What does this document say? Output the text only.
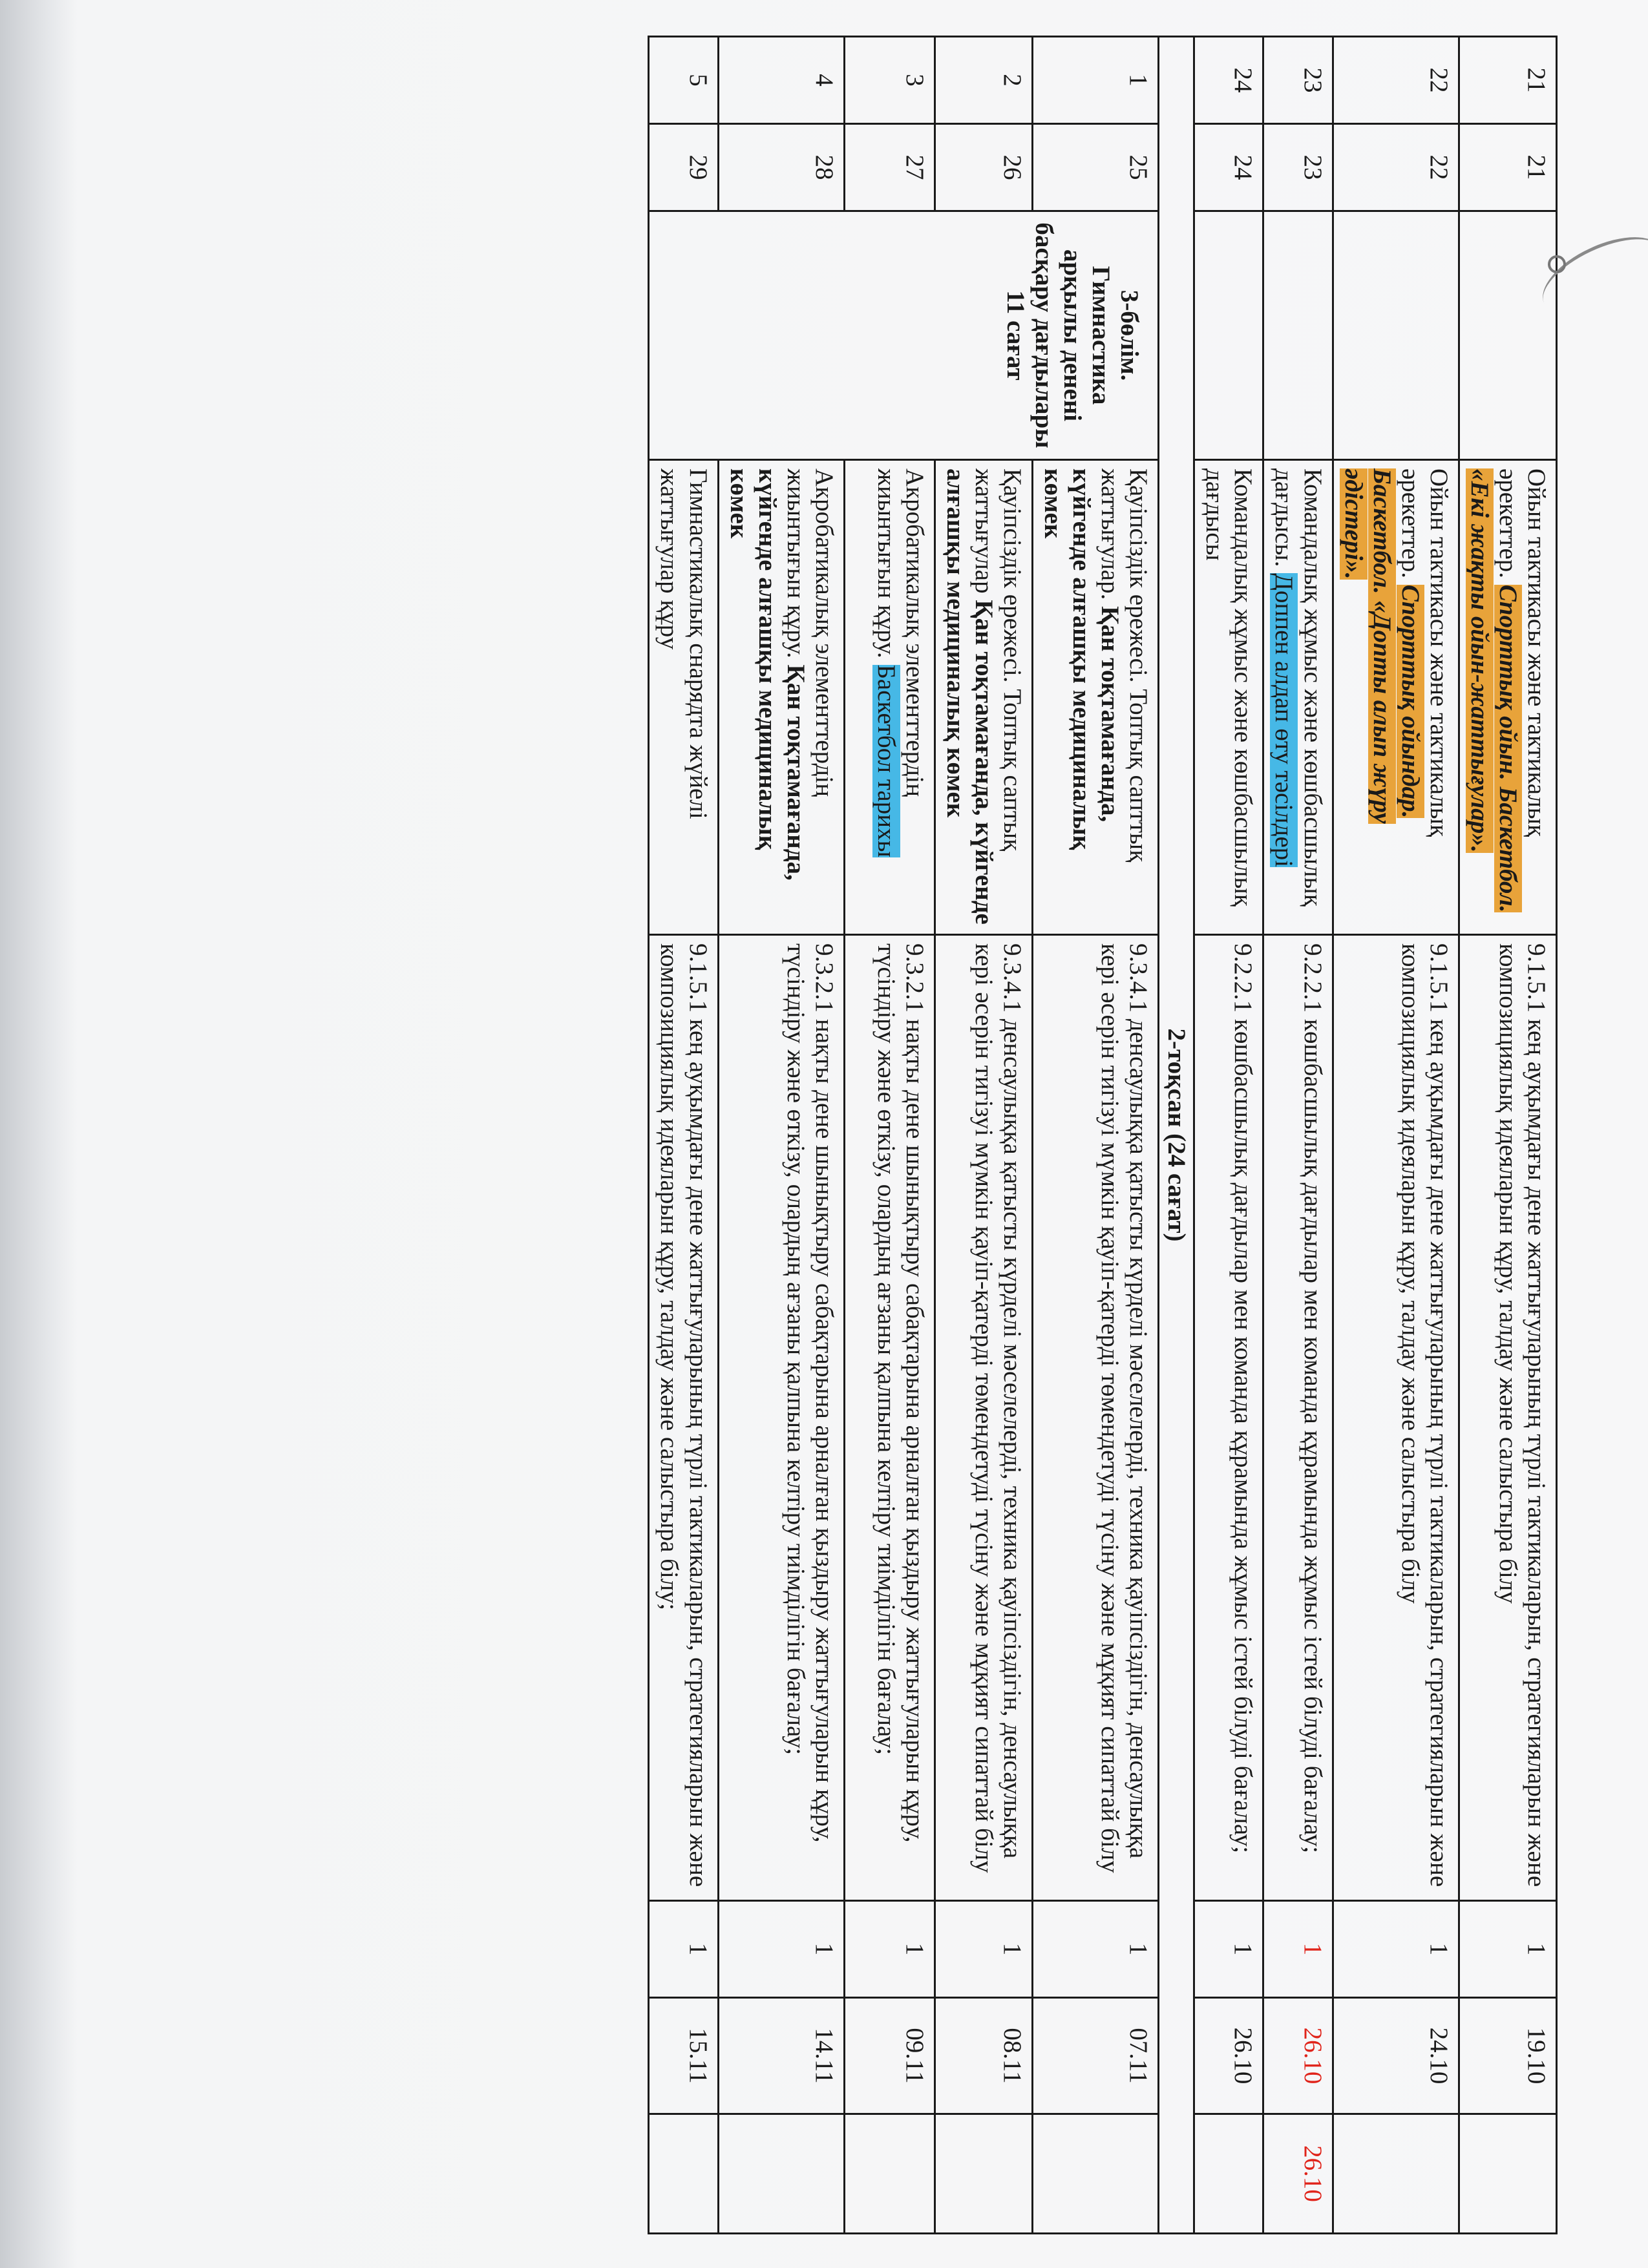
21	21		Ойын тактикасы және тактикалық әрекеттер. Спорттық ойын. Баскетбол. «Екі жақты ойын-жаттығулар».	9.1.5.1 кең ауқымдағы дене жаттығуларының түрлі тактикаларын, стратегияларын және композициялық идеяларын құру, талдау және салыстыра білу	1	19.10	
22	22		Ойын тактикасы және тактикалық әрекеттер. Спорттық ойындар. Баскетбол. «Допты алып жүру әдістері».	9.1.5.1 кең ауқымдағы дене жаттығуларының түрлі тактикаларын, стратегияларын және композициялық идеяларын құру, талдау және салыстыра білу	1	24.10	
23	23		Командалық жұмыс және көшбасшылық дағдысы. Доппен алдап өту тәсілдері	9.2.2.1 көшбасшылық дағдылар мен команда құрамында жұмыс істей білуді бағалау;	1	26.10	26.10
24	24		Командалық жұмыс және көшбасшылық дағдысы	9.2.2.1 көшбасшылық дағдылар мен команда құрамында жұмыс істей білуді бағалау;	1	26.10	
2-тоқсан (24 сағат)							
1	25	3-бөлім.
Гимнастика арқылы дененi басқару дағдылары
11 сағат	Қауіпсіздік ережесі. Топтық сапттық жаттығулар. Қан тоқтамағанда, күйгенде алғашқы медициналық көмек	9.3.4.1 денсаулыққа қатысты күрделі мәселелерді, техника қауіпсіздігін, денсаулыққа кері әсерін тигізуі мүмкін қауіп-қатерді төмендетуді түсіну және мұқият сипаттай білу	1	07.11	
2	26		Қауіпсіздік ережесі. Топтық саптық жаттығулар Қан тоқтамағанда, күйгенде алғашқы медициналық көмек	9.3.4.1 денсаулыққа қатысты күрделі мәселелерді, техника қауіпсіздігін, денсаулыққа кері әсерін тигізуі мүмкін қауіп-қатерді төмендетуді түсіну және мұқият сипаттай білу	1	08.11	
3	27		Акробатикалық элементтердің жиынтығын құру. Баскетбол тарихы	9.3.2.1 нақты дене шынықтыру сабақтарына арналған қыздыру жаттығуларын құру, түсіндіру және өткізу, олардың ағзаны қалпына келтіру тиімділігін бағалау;	1	09.11	
4	28		Акробатикалық элементтердің жиынтығын құру. Қан тоқтамағанда, күйгенде алғашқы медициналық көмек	9.3.2.1 нақты дене шынықтыру сабақтарына арналған қыздыру жаттығуларын құру, түсіндіру және өткізу, олардың ағзаны қалпына келтіру тиімділігін бағалау;	1	14.11	
5	29		Гимнастикалық снарядта жүйелі жаттығулар құру	9.1.5.1 кең ауқымдағы дене жаттығуларының түрлі тактикаларын, стратегияларын және композициялық идеяларын құру, талдау және салыстыра білу;	1	15.11	
